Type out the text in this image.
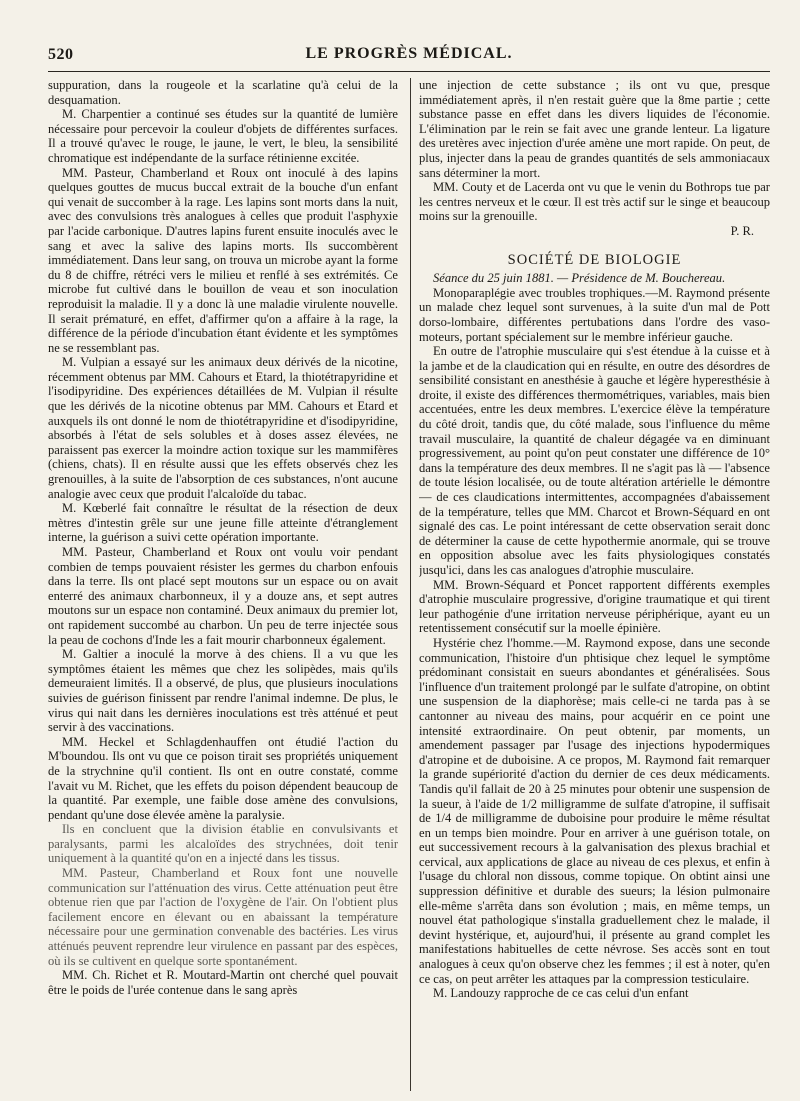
520	LE PROGRÈS MÉDICAL.

suppuration, dans la rougeole et la scarlatine qu'à celui de la desquamation.

M. Charpentier a continué ses études sur la quantité de lumière nécessaire pour percevoir la couleur d'objets de différentes surfaces. Il a trouvé qu'avec le rouge, le jaune, le vert, le bleu, la sensibilité chromatique est indépendante de la surface rétinienne excitée.

MM. Pasteur, Chamberland et Roux ont inoculé à des lapins quelques gouttes de mucus buccal extrait de la bouche d'un enfant qui venait de succomber à la rage. Les lapins sont morts dans la nuit, avec des convulsions très analogues à celles que produit l'asphyxie par l'acide carbonique. D'autres lapins furent ensuite inoculés avec le sang et avec la salive des lapins morts. Ils succombèrent immédiatement. Dans leur sang, on trouva un microbe ayant la forme du 8 de chiffre, rétréci vers le milieu et renflé à ses extrémités. Ce microbe fut cultivé dans le bouillon de veau et son inoculation reproduisit la maladie. Il y a donc là une maladie virulente nouvelle. Il serait prématuré, en effet, d'affirmer qu'on a affaire à la rage, la différence de la période d'incubation étant évidente et les symptômes ne se ressemblant pas.

M. Vulpian a essayé sur les animaux deux dérivés de la nicotine, récemment obtenus par MM. Cahours et Etard, la thiotétrapyridine et l'isodipyridine. Des expériences détaillées de M. Vulpian il résulte que les dérivés de la nicotine obtenus par MM. Cahours et Etard et auxquels ils ont donné le nom de thiotétrapyridine et d'isodipyridine, absorbés à l'état de sels solubles et à doses assez élevées, ne paraissent pas exercer la moindre action toxique sur les mammifères (chiens, chats). Il en résulte aussi que les effets observés chez les grenouilles, à la suite de l'absorption de ces substances, n'ont aucune analogie avec ceux que produit l'alcaloïde du tabac.

M. Kœberlé fait connaître le résultat de la résection de deux mètres d'intestin grêle sur une jeune fille atteinte d'étranglement interne, la guérison a suivi cette opération importante.

MM. Pasteur, Chamberland et Roux ont voulu voir pendant combien de temps pouvaient résister les germes du charbon enfouis dans la terre. Ils ont placé sept moutons sur un espace ou on avait enterré des animaux charbonneux, il y a douze ans, et sept autres moutons sur un espace non contaminé. Deux animaux du premier lot, ont rapidement succombé au charbon. Un peu de terre injectée sous la peau de cochons d'Inde les a fait mourir charbonneux également.

M. Galtier a inoculé la morve à des chiens. Il a vu que les symptômes étaient les mêmes que chez les solipèdes, mais qu'ils demeuraient limités. Il a observé, de plus, que plusieurs inoculations suivies de guérison finissent par rendre l'animal indemne. De plus, le virus qui nait dans les dernières inoculations est très atténué et peut servir à des vaccinations.

MM. Heckel et Schlagdenhauffen ont étudié l'action du M'boundou. Ils ont vu que ce poison tirait ses propriétés uniquement de la strychnine qu'il contient. Ils ont en outre constaté, comme l'avait vu M. Richet, que les effets du poison dépendent beaucoup de la quantité. Par exemple, une faible dose amène des convulsions, pendant qu'une dose élevée amène la paralysie.

Ils en concluent que la division établie en convulsivants et paralysants, parmi les alcaloïdes des strychnées, doit tenir uniquement à la quantité qu'on en a injecté dans les tissus.

MM. Pasteur, Chamberland et Roux font une nouvelle communication sur l'atténuation des virus. Cette atténuation peut être obtenue rien que par l'action de l'oxygène de l'air. On l'obtient plus facilement encore en élevant ou en abaissant la température nécessaire pour une germination convenable des bactéries. Les virus atténués peuvent reprendre leur virulence en passant par des espèces, où ils se cultivent en quelque sorte spontanément.

MM. Ch. Richet et R. Moutard-Martin ont cherché quel pouvait être le poids de l'urée contenue dans le sang après

une injection de cette substance ; ils ont vu que, presque immédiatement après, il n'en restait guère que la 8me partie ; cette substance passe en effet dans les divers liquides de l'économie. L'élimination par le rein se fait avec une grande lenteur. La ligature des uretères avec injection d'urée amène une mort rapide. On peut, de plus, injecter dans la peau de grandes quantités de sels ammoniacaux sans déterminer la mort.

MM. Couty et de Lacerda ont vu que le venin du Bothrops tue par les centres nerveux et le cœur. Il est très actif sur le singe et beaucoup moins sur la grenouille.

P. R.

SOCIÉTÉ DE BIOLOGIE

Séance du 25 juin 1881. — Présidence de M. Bouchereau.

Monoparaplégie avec troubles trophiques.—M. Raymond présente un malade chez lequel sont survenues, à la suite d'un mal de Pott dorso-lombaire, différentes pertubations dans l'ordre des vaso-moteurs, portant spécialement sur le membre inférieur gauche.

En outre de l'atrophie musculaire qui s'est étendue à la cuisse et à la jambe et de la claudication qui en résulte, en outre des désordres de sensibilité consistant en anesthésie à gauche et légère hyperesthésie à droite, il existe des différences thermométriques, variables, mais bien accentuées, entre les deux membres. L'exercice élève la température du côté droit, tandis que, du côté malade, sous l'influence du même travail musculaire, la quantité de chaleur dégagée va en diminuant progressivement, au point qu'on peut constater une différence de 10° dans la température des deux membres. Il ne s'agit pas là — l'absence de toute lésion localisée, ou de toute altération artérielle le démontre — de ces claudications intermittentes, accompagnées d'abaissement de la température, telles que MM. Charcot et Brown-Séquard en ont signalé des cas. Le point intéressant de cette observation serait donc de déterminer la cause de cette hypothermie anormale, qui se trouve en opposition absolue avec les faits physiologiques constatés jusqu'ici, dans les cas analogues d'atrophie musculaire.

MM. Brown-Séquard et Poncet rapportent différents exemples d'atrophie musculaire progressive, d'origine traumatique et qui tirent leur pathogénie d'une irritation nerveuse périphérique, ayant eu un retentissement consécutif sur la moelle épinière.

Hystérie chez l'homme.—M. Raymond expose, dans une seconde communication, l'histoire d'un phtisique chez lequel le symptôme prédominant consistait en sueurs abondantes et généralisées. Sous l'influence d'un traitement prolongé par le sulfate d'atropine, on obtint une suspension de la diaphorèse; mais celle-ci ne tarda pas à se cantonner au niveau des mains, pour acquérir en ce point une intensité extraordinaire. On peut obtenir, par moments, un amendement passager par l'usage des injections hypodermiques d'atropine et de duboisine. A ce propos, M. Raymond fait remarquer la grande supériorité d'action du dernier de ces deux médicaments. Tandis qu'il fallait de 20 à 25 minutes pour obtenir une suspension de la sueur, à l'aide de 1/2 milligramme de sulfate d'atropine, il suffisait de 1/4 de milligramme de duboisine pour produire le même résultat en un temps bien moindre. Pour en arriver à une guérison totale, on eut successivement recours à la galvanisation des plexus brachial et cervical, aux applications de glace au niveau de ces plexus, et enfin à l'usage du chloral non dissous, comme topique. On obtint ainsi une suppression définitive et durable des sueurs; la lésion pulmonaire elle-même s'arrêta dans son évolution ; mais, en même temps, un nouvel état pathologique s'installa graduellement chez le malade, il devint hystérique, et, aujourd'hui, il présente au grand complet les manifestations habituelles de cette névrose. Ses accès sont en tout analogues à ceux qu'on observe chez les femmes ; il est à noter, qu'en ce cas, on peut arrêter les attaques par la compression testiculaire.

M. Landouzy rapproche de ce cas celui d'un enfant
